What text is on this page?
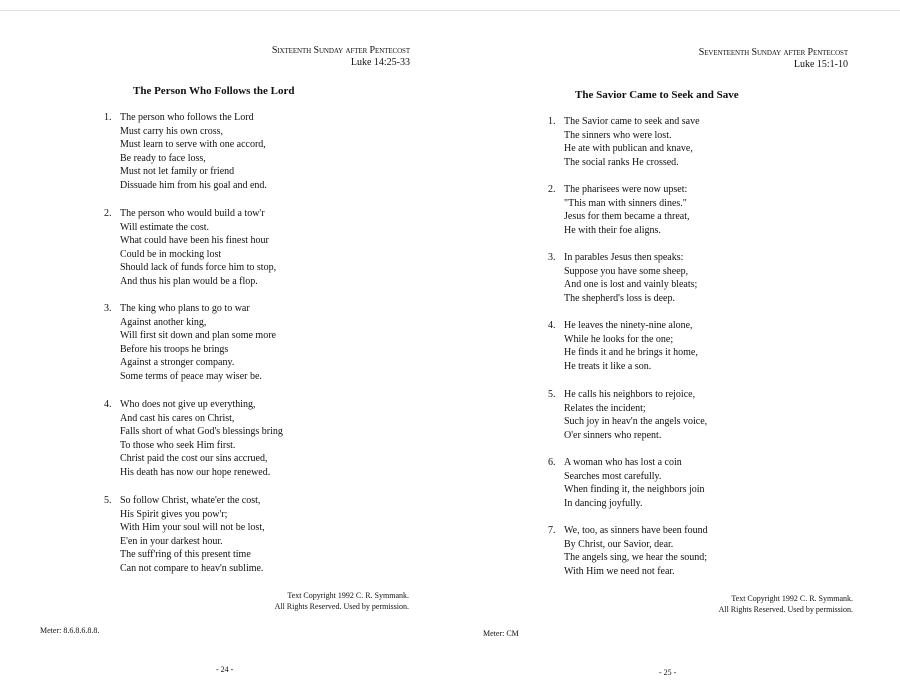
Sixteenth Sunday after Pentecost
Luke 14:25-33
The Person Who Follows the Lord
1. The person who follows the Lord
Must carry his own cross,
Must learn to serve with one accord,
Be ready to face loss,
Must not let family or friend
Dissuade him from his goal and end.
2. The person who would build a tow'r
Will estimate the cost.
What could have been his finest hour
Could be in mocking lost
Should lack of funds force him to stop,
And thus his plan would be a flop.
3. The king who plans to go to war
Against another king,
Will first sit down and plan some more
Before his troops he brings
Against a stronger company.
Some terms of peace may wiser be.
4. Who does not give up everything,
And cast his cares on Christ,
Falls short of what God's blessings bring
To those who seek Him first.
Christ paid the cost our sins accrued,
His death has now our hope renewed.
5. So follow Christ, whate'er the cost,
His Spirit gives you pow'r;
With Him your soul will not be lost,
E'en in your darkest hour.
The suff'ring of this present time
Can not compare to heav'n sublime.
Text Copyright 1992 C. R. Symmank.
All Rights Reserved. Used by permission.
Meter: 8.6.8.6.8.8.
- 24 -
Seventeenth Sunday after Pentecost
Luke 15:1-10
The Savior Came to Seek and Save
1. The Savior came to seek and save
The sinners who were lost.
He ate with publican and knave,
The social ranks He crossed.
2. The pharisees were now upset:
"This man with sinners dines."
Jesus for them became a threat,
He with their foe aligns.
3. In parables Jesus then speaks:
Suppose you have some sheep,
And one is lost and vainly bleats;
The shepherd's loss is deep.
4. He leaves the ninety-nine alone,
While he looks for the one;
He finds it and he brings it home,
He treats it like a son.
5. He calls his neighbors to rejoice,
Relates the incident;
Such joy in heav'n the angels voice,
O'er sinners who repent.
6. A woman who has lost a coin
Searches most carefully.
When finding it, the neighbors join
In dancing joyfully.
7. We, too, as sinners have been found
By Christ, our Savior, dear.
The angels sing, we hear the sound;
With Him we need not fear.
Text Copyright 1992 C. R. Symmank.
All Rights Reserved. Used by permission.
Meter: CM
- 25 -
